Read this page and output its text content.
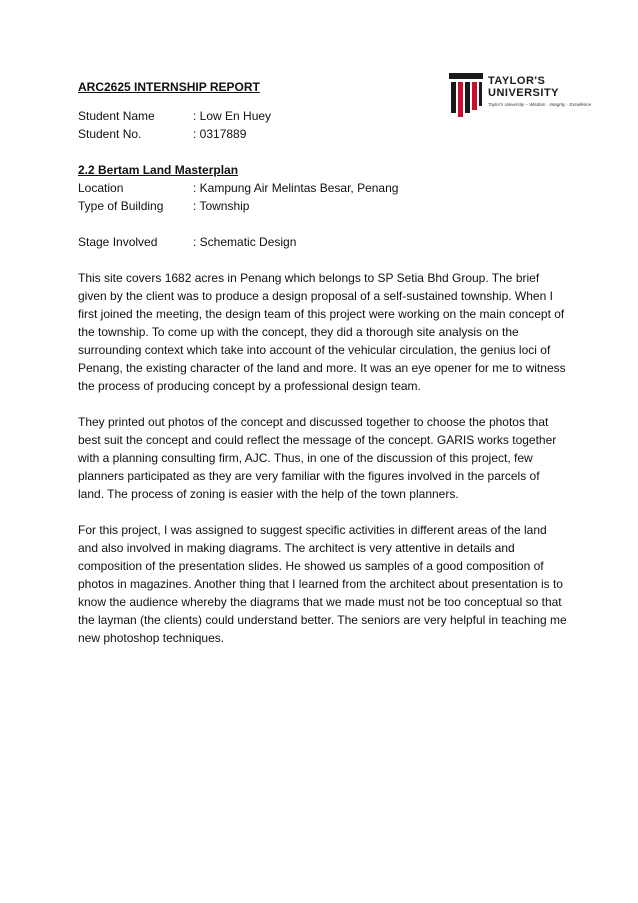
TAYLOR'S
UNIVERSITY
Taylor's University – Wisdom · Integrity · Excellence
ARC2625 INTERNSHIP REPORT
Student Name	: Low En Huey
Student No.	: 0317889
2.2 Bertam Land Masterplan
Location	: Kampung Air Melintas Besar, Penang
Type of Building	: Township
Stage Involved	: Schematic Design

This site covers 1682 acres in Penang which belongs to SP Setia Bhd Group. The brief given by the client was to produce a design proposal of a self-sustained township. When I first joined the meeting, the design team of this project were working on the main concept of the township. To come up with the concept, they did a thorough site analysis on the surrounding context which take into account of the vehicular circulation, the genius loci of Penang, the existing character of the land and more. It was an eye opener for me to witness the process of producing concept by a professional design team.

They printed out photos of the concept and discussed together to choose the photos that best suit the concept and could reflect the message of the concept. GARIS works together with a planning consulting firm, AJC. Thus, in one of the discussion of this project, few planners participated as they are very familiar with the figures involved in the parcels of land. The process of zoning is easier with the help of the town planners.

For this project, I was assigned to suggest specific activities in different areas of the land and also involved in making diagrams. The architect is very attentive in details and composition of the presentation slides. He showed us samples of a good composition of photos in magazines. Another thing that I learned from the architect about presentation is to know the audience whereby the diagrams that we made must not be too conceptual so that the layman (the clients) could understand better. The seniors are very helpful in teaching me new photoshop techniques.
